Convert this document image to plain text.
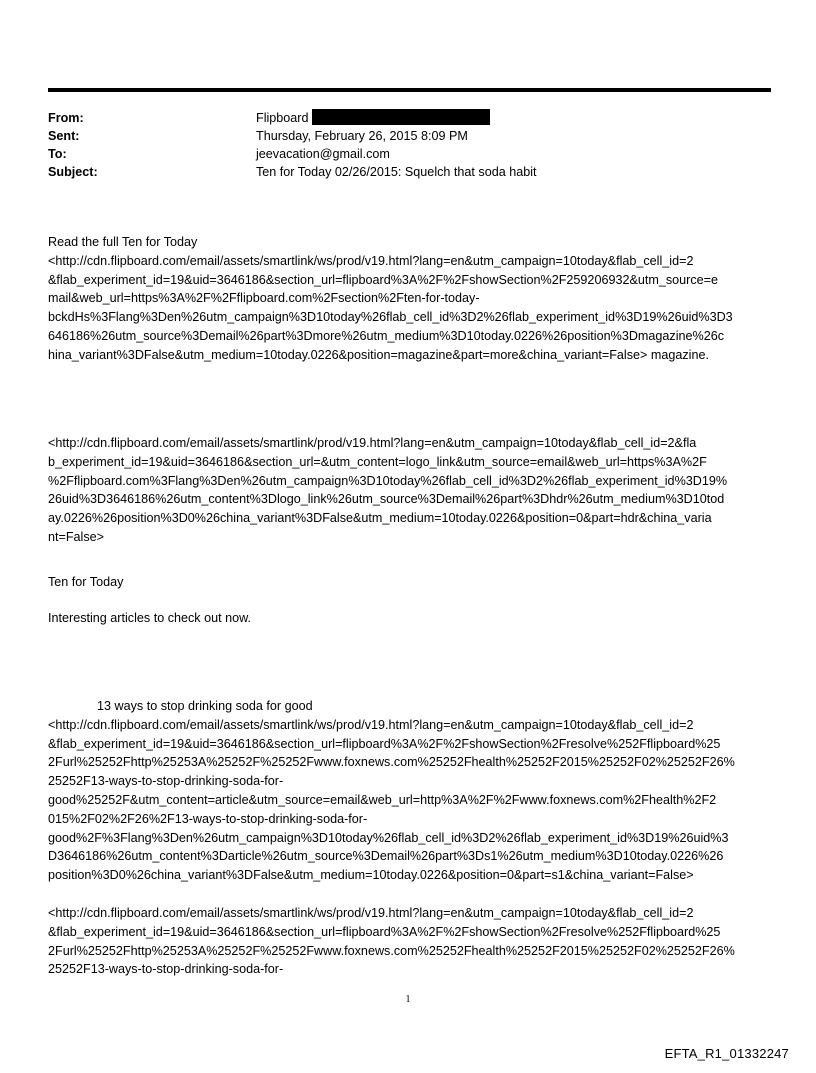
From:	Flipboard
Sent:	Thursday, February 26, 2015 8:09 PM
To:	jeevacation@gmail.com
Subject:	Ten for Today 02/26/2015: Squelch that soda habit
Read the full Ten for Today
<http://cdn.flipboard.com/email/assets/smartlink/ws/prod/v19.html?lang=en&utm_campaign=10today&flab_cell_id=2
&flab_experiment_id=19&uid=3646186&section_url=flipboard%3A%2F%2FshowSection%2F259206932&utm_source=e
mail&web_url=https%3A%2F%2Fflipboard.com%2Fsection%2Ften-for-today-
bckdHs%3Flang%3Den%26utm_campaign%3D10today%26flab_cell_id%3D2%26flab_experiment_id%3D19%26uid%3D3
646186%26utm_source%3Demail%26part%3Dmore%26utm_medium%3D10today.0226%26position%3Dmagazine%26c
hina_variant%3DFalse&utm_medium=10today.0226&position=magazine&part=more&china_variant=False> magazine.
<http://cdn.flipboard.com/email/assets/smartlink/prod/v19.html?lang=en&utm_campaign=10today&flab_cell_id=2&fla
b_experiment_id=19&uid=3646186&section_url=&utm_content=logo_link&utm_source=email&web_url=https%3A%2F
%2Fflipboard.com%3Flang%3Den%26utm_campaign%3D10today%26flab_cell_id%3D2%26flab_experiment_id%3D19%
26uid%3D3646186%26utm_content%3Dlogo_link%26utm_source%3Demail%26part%3Dhdr%26utm_medium%3D10tod
ay.0226%26position%3D0%26china_variant%3DFalse&utm_medium=10today.0226&position=0&part=hdr&china_varia
nt=False>
Ten for Today
Interesting articles to check out now.
13 ways to stop drinking soda for good
<http://cdn.flipboard.com/email/assets/smartlink/ws/prod/v19.html?lang=en&utm_campaign=10today&flab_cell_id=2
&flab_experiment_id=19&uid=3646186&section_url=flipboard%3A%2F%2FshowSection%2Fresolve%252Fflipboard%25
2Furl%25252Fhttp%25253A%25252F%25252Fwww.foxnews.com%25252Fhealth%25252F2015%25252F02%25252F26%
25252F13-ways-to-stop-drinking-soda-for-
good%25252F&utm_content=article&utm_source=email&web_url=http%3A%2F%2Fwww.foxnews.com%2Fhealth%2F2
015%2F02%2F26%2F13-ways-to-stop-drinking-soda-for-
good%2F%3Flang%3Den%26utm_campaign%3D10today%26flab_cell_id%3D2%26flab_experiment_id%3D19%26uid%3
D3646186%26utm_content%3Darticle%26utm_source%3Demail%26part%3Ds1%26utm_medium%3D10today.0226%26
position%3D0%26china_variant%3DFalse&utm_medium=10today.0226&position=0&part=s1&china_variant=False>
<http://cdn.flipboard.com/email/assets/smartlink/ws/prod/v19.html?lang=en&utm_campaign=10today&flab_cell_id=2
&flab_experiment_id=19&uid=3646186&section_url=flipboard%3A%2F%2FshowSection%2Fresolve%252Fflipboard%25
2Furl%25252Fhttp%25253A%25252F%25252Fwww.foxnews.com%25252Fhealth%25252F2015%25252F02%25252F26%
25252F13-ways-to-stop-drinking-soda-for-
1
EFTA_R1_01332247
